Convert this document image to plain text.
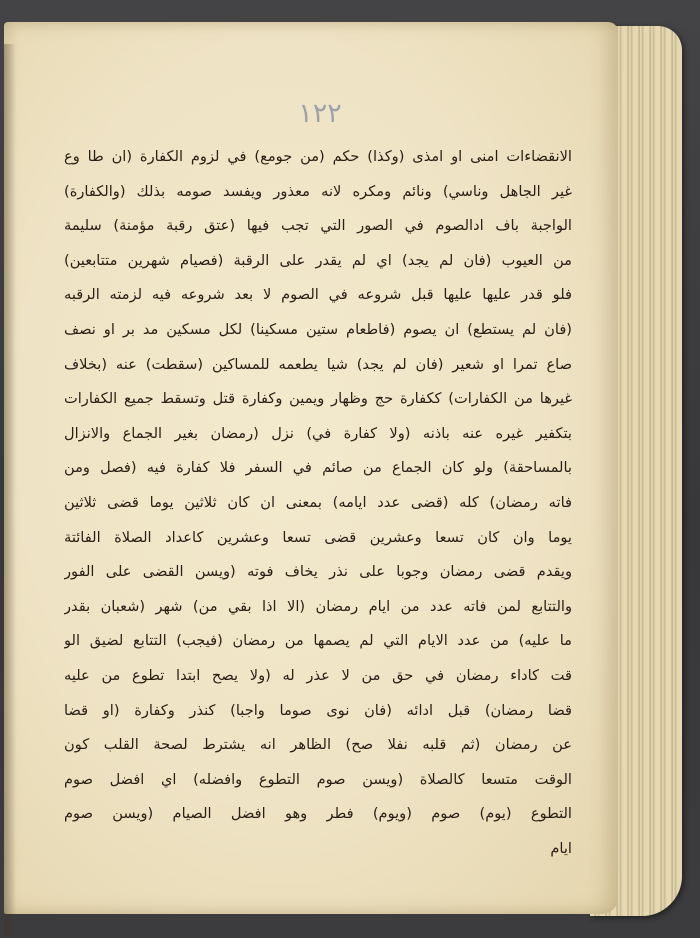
١٢٢
الانقضاءات امنى او امذى (وكذا) حكم (من جومع) في لزوم الكفارة (ان طا وع
غير الجاهل وناسي) ونائم ومكره لانه معذور ويفسد صومه بذلك (والكفارة)
الواجبة باف ادالصوم في الصور التي تجب فيها (عتق رقبة مؤمنة) سليمة
من العيوب (فان لم يجد) اي لم يقدر على الرقبة (فصيام شهرين متتابعين)
فلو قدر عليها عليها قبل شروعه في الصوم لا بعد شروعه فيه لزمته الرقبه
(فان لم يستطع) ان يصوم (فاطعام ستين مسكينا) لكل مسكين مد بر او نصف
صاع تمرا او شعير (فان لم يجد) شيا يطعمه للمساكين (سقطت) عنه (بخلاف
غيرها من الكفارات) ككفارة حج وظهار ويمين وكفارة قتل وتسقط جميع الكفارات
بتكفير غيره عنه باذنه (ولا كفارة في) نزل (رمضان بغير الجماع والانزال
بالمساحقة) ولو كان الجماع من صائم في السفر فلا كفارة فيه (فصل ومن
فاته رمضان) كله (قضى عدد ايامه) بمعنى ان كان ثلاثين يوما قضى ثلاثين
يوما وان كان تسعا وعشرين قضى تسعا وعشرين كاعداد الصلاة الفائتة
ويقدم قضى رمضان وجوبا على نذر يخاف فوته (ويسن القضى على الفور
والتتابع لمن فاته عدد من ايام رمضان (الا اذا بقي من) شهر (شعبان بقدر
ما عليه) من عدد الايام التي لم يصمها من رمضان (فيجب) التتابع لضيق الو
قت كاداء رمضان في حق من لا عذر له (ولا يصح ابتدا تطوع من عليه
قضا رمضان) قبل ادائه (فان نوى صوما واجبا) كنذر وكفارة (او قضا
عن رمضان (ثم قلبه نفلا صح) الظاهر انه يشترط لصحة القلب كون
الوقت متسعا كالصلاة (ويسن صوم التطوع وافضله) اي افضل صوم
التطوع (يوم) صوم (ويوم) فطر وهو افضل الصيام (ويسن صوم
ايام
